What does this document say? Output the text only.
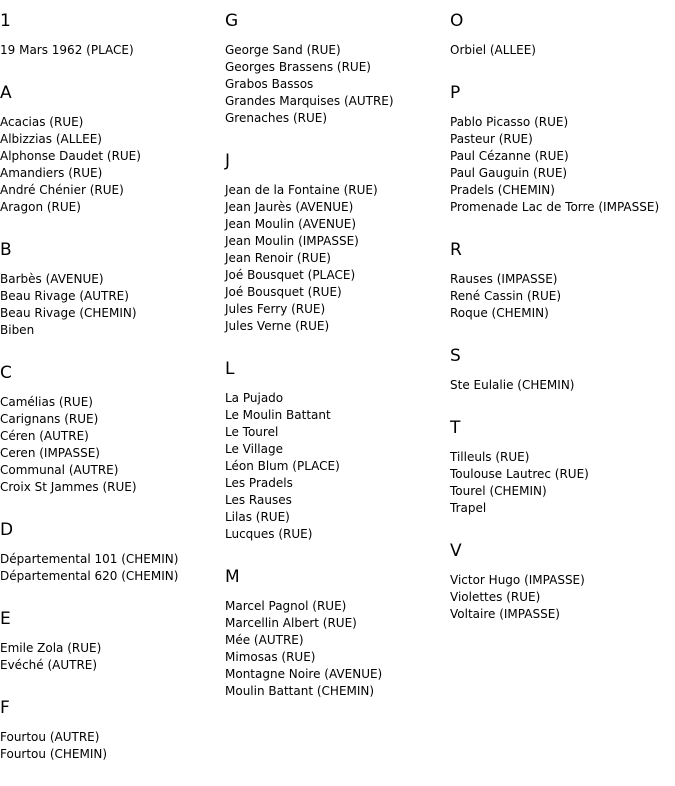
1
19 Mars 1962 (PLACE)
A
Acacias (RUE)
Albizzias (ALLEE)
Alphonse Daudet (RUE)
Amandiers (RUE)
André Chénier (RUE)
Aragon (RUE)
B
Barbès (AVENUE)
Beau Rivage (AUTRE)
Beau Rivage (CHEMIN)
Biben
C
Camélias (RUE)
Carignans (RUE)
Céren (AUTRE)
Ceren (IMPASSE)
Communal (AUTRE)
Croix St Jammes (RUE)
D
Départemental 101 (CHEMIN)
Départemental 620 (CHEMIN)
E
Emile Zola (RUE)
Evéché (AUTRE)
F
Fourtou (AUTRE)
Fourtou (CHEMIN)
G
George Sand (RUE)
Georges Brassens (RUE)
Grabos Bassos
Grandes Marquises (AUTRE)
Grenaches (RUE)
J
Jean de la Fontaine (RUE)
Jean Jaurès (AVENUE)
Jean Moulin (AVENUE)
Jean Moulin (IMPASSE)
Jean Renoir (RUE)
Joé Bousquet (PLACE)
Joé Bousquet (RUE)
Jules Ferry (RUE)
Jules Verne (RUE)
L
La Pujado
Le Moulin Battant
Le Tourel
Le Village
Léon Blum (PLACE)
Les Pradels
Les Rauses
Lilas (RUE)
Lucques (RUE)
M
Marcel Pagnol (RUE)
Marcellin Albert (RUE)
Mée (AUTRE)
Mimosas (RUE)
Montagne Noire (AVENUE)
Moulin Battant (CHEMIN)
O
Orbiel (ALLEE)
P
Pablo Picasso (RUE)
Pasteur (RUE)
Paul Cézanne (RUE)
Paul Gauguin (RUE)
Pradels (CHEMIN)
Promenade Lac de Torre (IMPASSE)
R
Rauses (IMPASSE)
René Cassin (RUE)
Roque (CHEMIN)
S
Ste Eulalie (CHEMIN)
T
Tilleuls (RUE)
Toulouse Lautrec (RUE)
Tourel (CHEMIN)
Trapel
V
Victor Hugo (IMPASSE)
Violettes (RUE)
Voltaire (IMPASSE)
